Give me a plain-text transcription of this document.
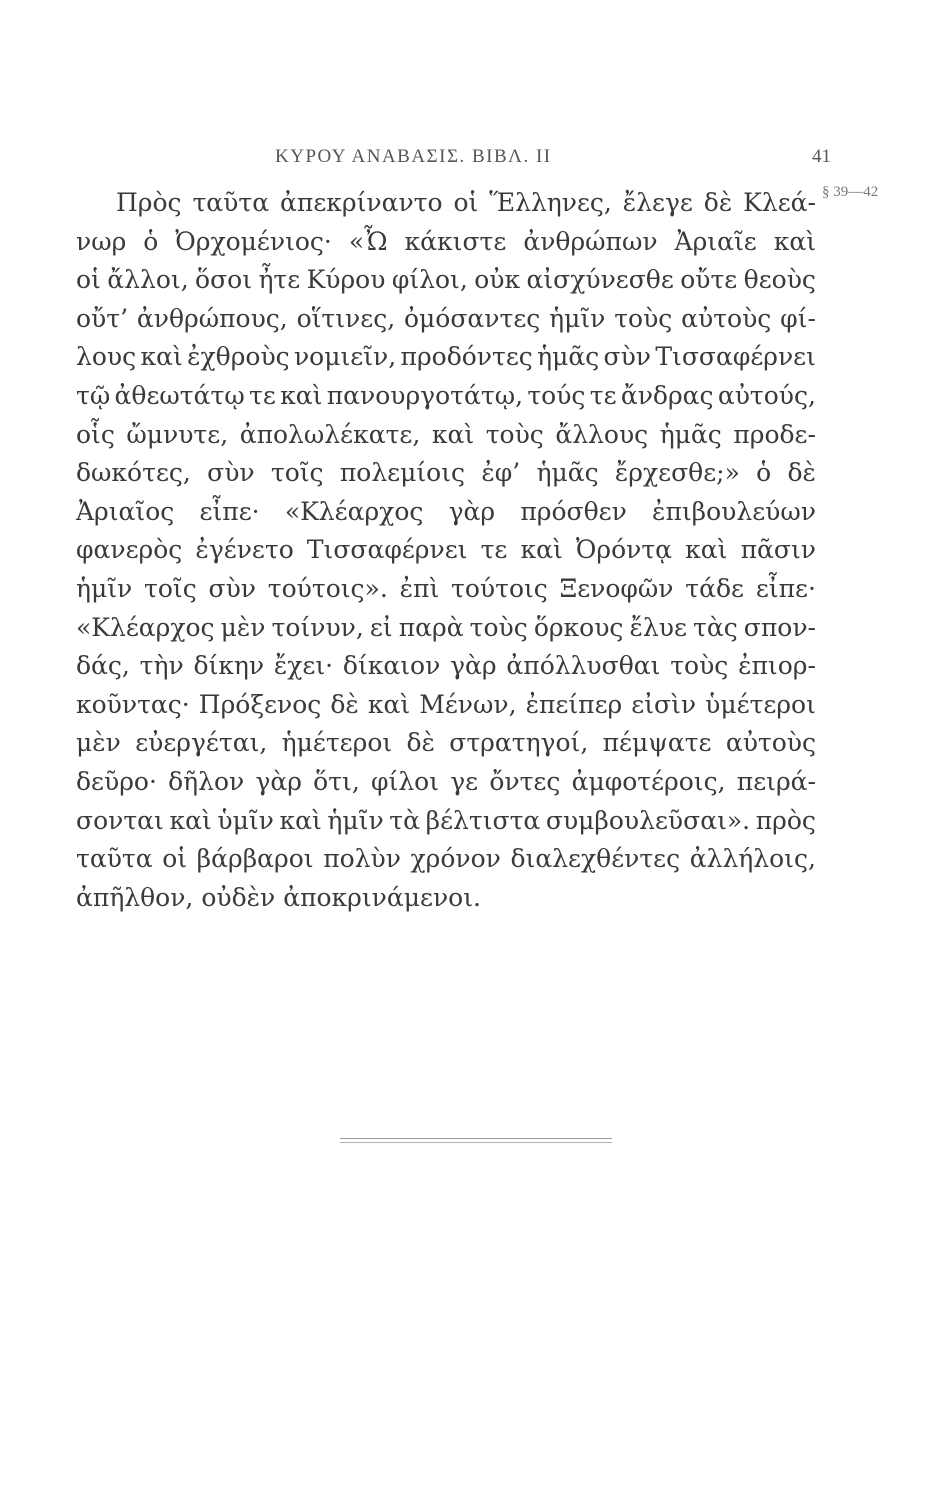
ΚΥΡΟΥ ΑΝΑΒΑΣΙΣ. ΒΙΒΛ. ΙΙ	41
§ 39—42
Πρὸς ταῦτα ἀπεκρίναντο οἱ Ἕλληνες, ἔλεγε δὲ Κλεά-
νωρ ὁ Ὀρχομένιος· «Ὦ κάκιστε ἀνθρώπων Ἀριαῖε καὶ
οἱ ἄλλοι, ὅσοι ἦτε Κύρου φίλοι, οὐκ αἰσχύνεσθε οὔτε θεοὺς
οὔτ’ ἀνθρώπους, οἵτινες, ὀμόσαντες ἡμῖν τοὺς αὐτοὺς φί-
λους καὶ ἐχθροὺς νομιεῖν, προδόντες ἡμᾶς σὺν Τισσαφέρνει
τῷ ἀθεωτάτῳ τε καὶ πανουργοτάτῳ, τούς τε ἄνδρας αὐτούς,
οἷς ὤμνυτε, ἀπολωλέκατε, καὶ τοὺς ἄλλους ἡμᾶς προδε-
δωκότες, σὺν τοῖς πολεμίοις ἐφ’ ἡμᾶς ἔρχεσθε;» ὁ δὲ
Ἀριαῖος εἶπε· «Κλέαρχος γὰρ πρόσθεν ἐπιβουλεύων
φανερὸς ἐγένετο Τισσαφέρνει τε καὶ Ὀρόντᾳ καὶ πᾶσιν
ἡμῖν τοῖς σὺν τούτοις». ἐπὶ τούτοις Ξενοφῶν τάδε εἶπε·
«Κλέαρχος μὲν τοίνυν, εἰ παρὰ τοὺς ὅρκους ἔλυε τὰς σπον-
δάς, τὴν δίκην ἔχει· δίκαιον γὰρ ἀπόλλυσθαι τοὺς ἐπιορ-
κοῦντας· Πρόξενος δὲ καὶ Μένων, ἐπείπερ εἰσὶν ὑμέτεροι
μὲν εὐεργέται, ἡμέτεροι δὲ στρατηγοί, πέμψατε αὐτοὺς
δεῦρο· δῆλον γὰρ ὅτι, φίλοι γε ὄντες ἀμφοτέροις, πειρά-
σονται καὶ ὑμῖν καὶ ἡμῖν τὰ βέλτιστα συμβουλεῦσαι». πρὸς
ταῦτα οἱ βάρβαροι πολὺν χρόνον διαλεχθέντες ἀλλήλοις,
ἀπῆλθον, οὐδὲν ἀποκρινάμενοι.
